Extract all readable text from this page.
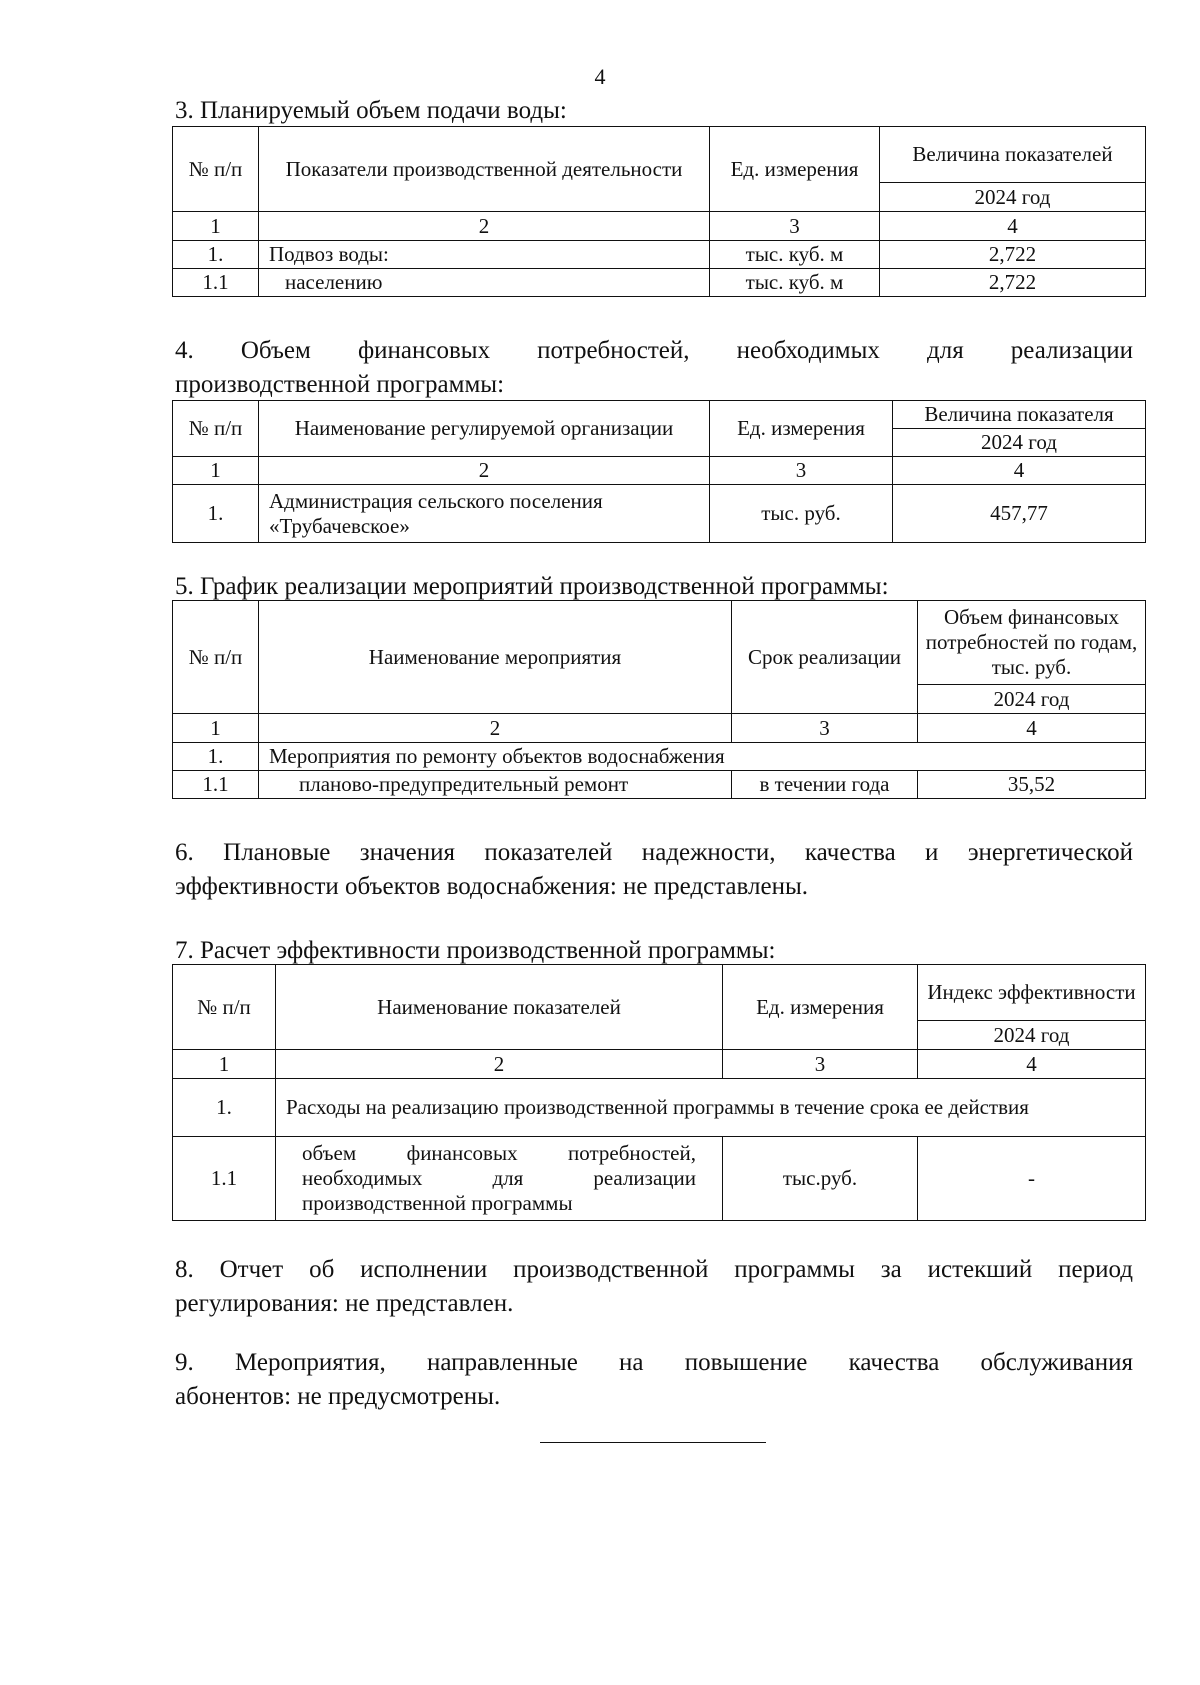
4
3. Планируемый объем подачи воды:
№ п/п	Показатели производственной деятельности	Ед. измерения	Величина показателей
			2024 год
1	2	3	4
1.	Подвоз воды:	тыс. куб. м	2,722
1.1	населению	тыс. куб. м	2,722
4. Объем финансовых потребностей, необходимых для реализации
производственной программы:
№ п/п	Наименование регулируемой организации	Ед. измерения	Величина показателя
			2024 год
1	2	3	4
1.	Администрация сельского поселения «Трубачевское»	тыс. руб.	457,77
5. График реализации мероприятий производственной программы:
№ п/п	Наименование мероприятия	Срок реализации	Объем финансовых потребностей по годам, тыс. руб.
			2024 год
1	2	3	4
1.	Мероприятия по ремонту объектов водоснабжения		
1.1	планово-предупредительный ремонт	в течении года	35,52
6. Плановые значения показателей надежности, качества и энергетической
эффективности объектов водоснабжения: не представлены.
7. Расчет эффективности производственной программы:
№ п/п	Наименование показателей	Ед. измерения	Индекс эффективности
			2024 год
1	2	3	4
1.	Расходы на реализацию производственной программы в течение срока ее действия		
1.1	объем финансовых потребностей, необходимых для реализации производственной программы	тыс.руб.	-
8. Отчет об исполнении производственной программы за истекший период
регулирования: не представлен.
9. Мероприятия, направленные на повышение качества обслуживания
абонентов: не предусмотрены.
